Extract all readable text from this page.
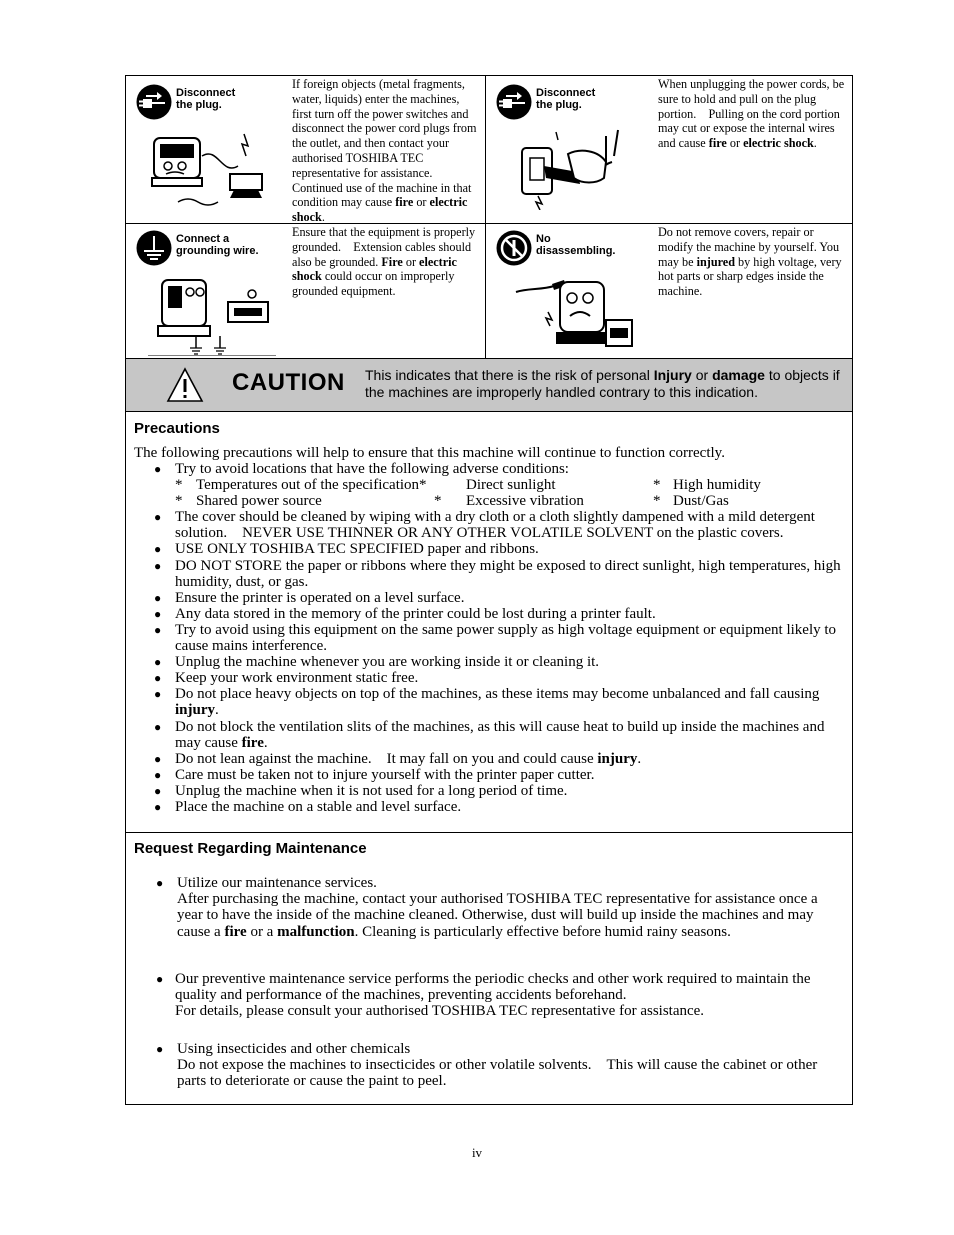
Disconnect
the plug.
If foreign objects (metal fragments, water, liquids) enter the machines, first turn off the power switches and disconnect the power cord plugs from the outlet, and then contact your authorised TOSHIBA TEC representative for assistance.　Continued use of the machine in that condition may cause fire or electric shock.
Disconnect
the plug.
When unplugging the power cords, be sure to hold and pull on the plug portion.　Pulling on the cord portion may cut or expose the internal wires and cause fire or electric shock.
Connect a
grounding wire.
Ensure that the equipment is properly grounded.　Extension cables should also be grounded. Fire or electric shock could occur on improperly grounded equipment.
No
disassembling.
Do not remove covers, repair or modify the machine by yourself. You may be injured by high voltage, very hot parts or sharp edges inside the machine.
CAUTION This indicates that there is the risk of personal Injury or damage to objects if the machines are improperly handled contrary to this indication.
Precautions
The following precautions will help to ensure that this machine will continue to function correctly.
● Try to avoid locations that have the following adverse conditions:
* Temperatures out of the specification*	Direct sunlight	* High humidity
* Shared power source	* Excessive vibration	* Dust/Gas
● The cover should be cleaned by wiping with a dry cloth or a cloth slightly dampened with a mild detergent solution.　NEVER USE THINNER OR ANY OTHER VOLATILE SOLVENT on the plastic covers.
● USE ONLY TOSHIBA TEC SPECIFIED paper and ribbons.
● DO NOT STORE the paper or ribbons where they might be exposed to direct sunlight, high temperatures, high humidity, dust, or gas.
● Ensure the printer is operated on a level surface.
● Any data stored in the memory of the printer could be lost during a printer fault.
● Try to avoid using this equipment on the same power supply as high voltage equipment or equipment likely to cause mains interference.
● Unplug the machine whenever you are working inside it or cleaning it.
● Keep your work environment static free.
● Do not place heavy objects on top of the machines, as these items may become unbalanced and fall causing injury.
● Do not block the ventilation slits of the machines, as this will cause heat to build up inside the machines and may cause fire.
● Do not lean against the machine.　It may fall on you and could cause injury.
● Care must be taken not to injure yourself with the printer paper cutter.
● Unplug the machine when it is not used for a long period of time.
● Place the machine on a stable and level surface.
Request Regarding Maintenance
● Utilize our maintenance services.
After purchasing the machine, contact your authorised TOSHIBA TEC representative for assistance once a year to have the inside of the machine cleaned. Otherwise, dust will build up inside the machines and may cause a fire or a malfunction. Cleaning is particularly effective before humid rainy seasons.
● Our preventive maintenance service performs the periodic checks and other work required to maintain the quality and performance of the machines, preventing accidents beforehand.
For details, please consult your authorised TOSHIBA TEC representative for assistance.
● Using insecticides and other chemicals
Do not expose the machines to insecticides or other volatile solvents.　This will cause the cabinet or other parts to deteriorate or cause the paint to peel.
iv
